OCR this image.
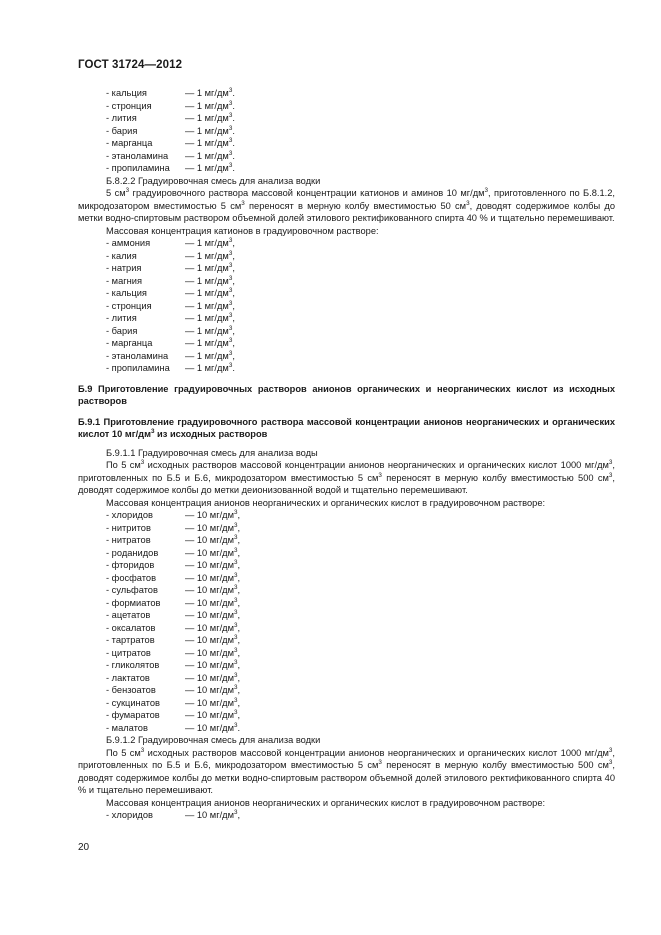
ГОСТ 31724—2012
- кальция	— 1 $мг/дм^3$.
- стронция	— 1 $мг/дм^3$.
- лития	— 1 $мг/дм^3$.
- бария	— 1 $мг/дм^3$.
- марганца	— 1 $мг/дм^3$.
- этаноламина — 1 $мг/дм^3$.
- пропиламина — 1 $мг/дм^3$.
Б.8.2.2 Градуировочная смесь для анализа водки
5 $см^3$ градуировочного раствора массовой концентрации катионов и аминов 10 $мг/дм^3$, приготовленного по Б.8.1.2, микродозатором вместимостью 5 $см^3$ переносят в мерную колбу вместимостью 50 $см^3$, доводят содержимое колбы до метки водно-спиртовым раствором объемной долей этилового ректификованного спирта 40 % и тщательно перемешивают.
Массовая концентрация катионов в градуировочном растворе:
- аммония	— 1 $мг/дм^3$,
- калия	— 1 $мг/дм^3$,
- натрия	— 1 $мг/дм^3$,
- магния	— 1 $мг/дм^3$,
- кальция	— 1 $мг/дм^3$,
- стронция	— 1 $мг/дм^3$,
- лития	— 1 $мг/дм^3$,
- бария	— 1 $мг/дм^3$,
- марганца	— 1 $мг/дм^3$,
- этаноламина — 1 $мг/дм^3$,
- пропиламина — 1 $мг/дм^3$.
Б.9 Приготовление градуировочных растворов анионов органических и неорганических кислот из исходных растворов
Б.9.1 Приготовление градуировочного раствора массовой концентрации анионов неорганических и органических кислот 10 $мг/дм^3$ из исходных растворов
Б.9.1.1 Градуировочная смесь для анализа воды
По 5 $см^3$ исходных растворов массовой концентрации анионов неорганических и органических кислот 1000 $мг/дм^3$, приготовленных по Б.5 и Б.6, микродозатором вместимостью 5 $см^3$ переносят в мерную колбу вместимостью 500 $см^3$, доводят содержимое колбы до метки деионизованной водой и тщательно перемешивают.
Массовая концентрация анионов неорганических и органических кислот в градуировочном растворе:
- хлоридов	— 10 $мг/дм^3$,
- нитритов	— 10 $мг/дм^3$,
- нитратов	— 10 $мг/дм^3$,
- роданидов	— 10 $мг/дм^3$,
- фторидов	— 10 $мг/дм^3$,
- фосфатов	— 10 $мг/дм^3$,
- сульфатов	— 10 $мг/дм^3$,
- формиатов	— 10 $мг/дм^3$,
- ацетатов	— 10 $мг/дм^3$,
- оксалатов	— 10 $мг/дм^3$,
- тартратов	— 10 $мг/дм^3$,
- цитратов	— 10 $мг/дм^3$,
- гликолятов	— 10 $мг/дм^3$,
- лактатов	— 10 $мг/дм^3$,
- бензоатов	— 10 $мг/дм^3$,
- сукцинатов	— 10 $мг/дм^3$,
- фумаратов	— 10 $мг/дм^3$,
- малатов	— 10 $мг/дм^3$.
Б.9.1.2 Градуировочная смесь для анализа водки
По 5 $см^3$ исходных растворов массовой концентрации анионов неорганических и органических кислот 1000 $мг/дм^3$, приготовленных по Б.5 и Б.6, микродозатором вместимостью 5 $см^3$ переносят в мерную колбу вместимостью 500 $см^3$, доводят содержимое колбы до метки водно-спиртовым раствором объемной долей этилового ректификованного спирта 40 % и тщательно перемешивают.
Массовая концентрация анионов неорганических и органических кислот в градуировочном растворе:
- хлоридов	— 10 $мг/дм^3$,
20
